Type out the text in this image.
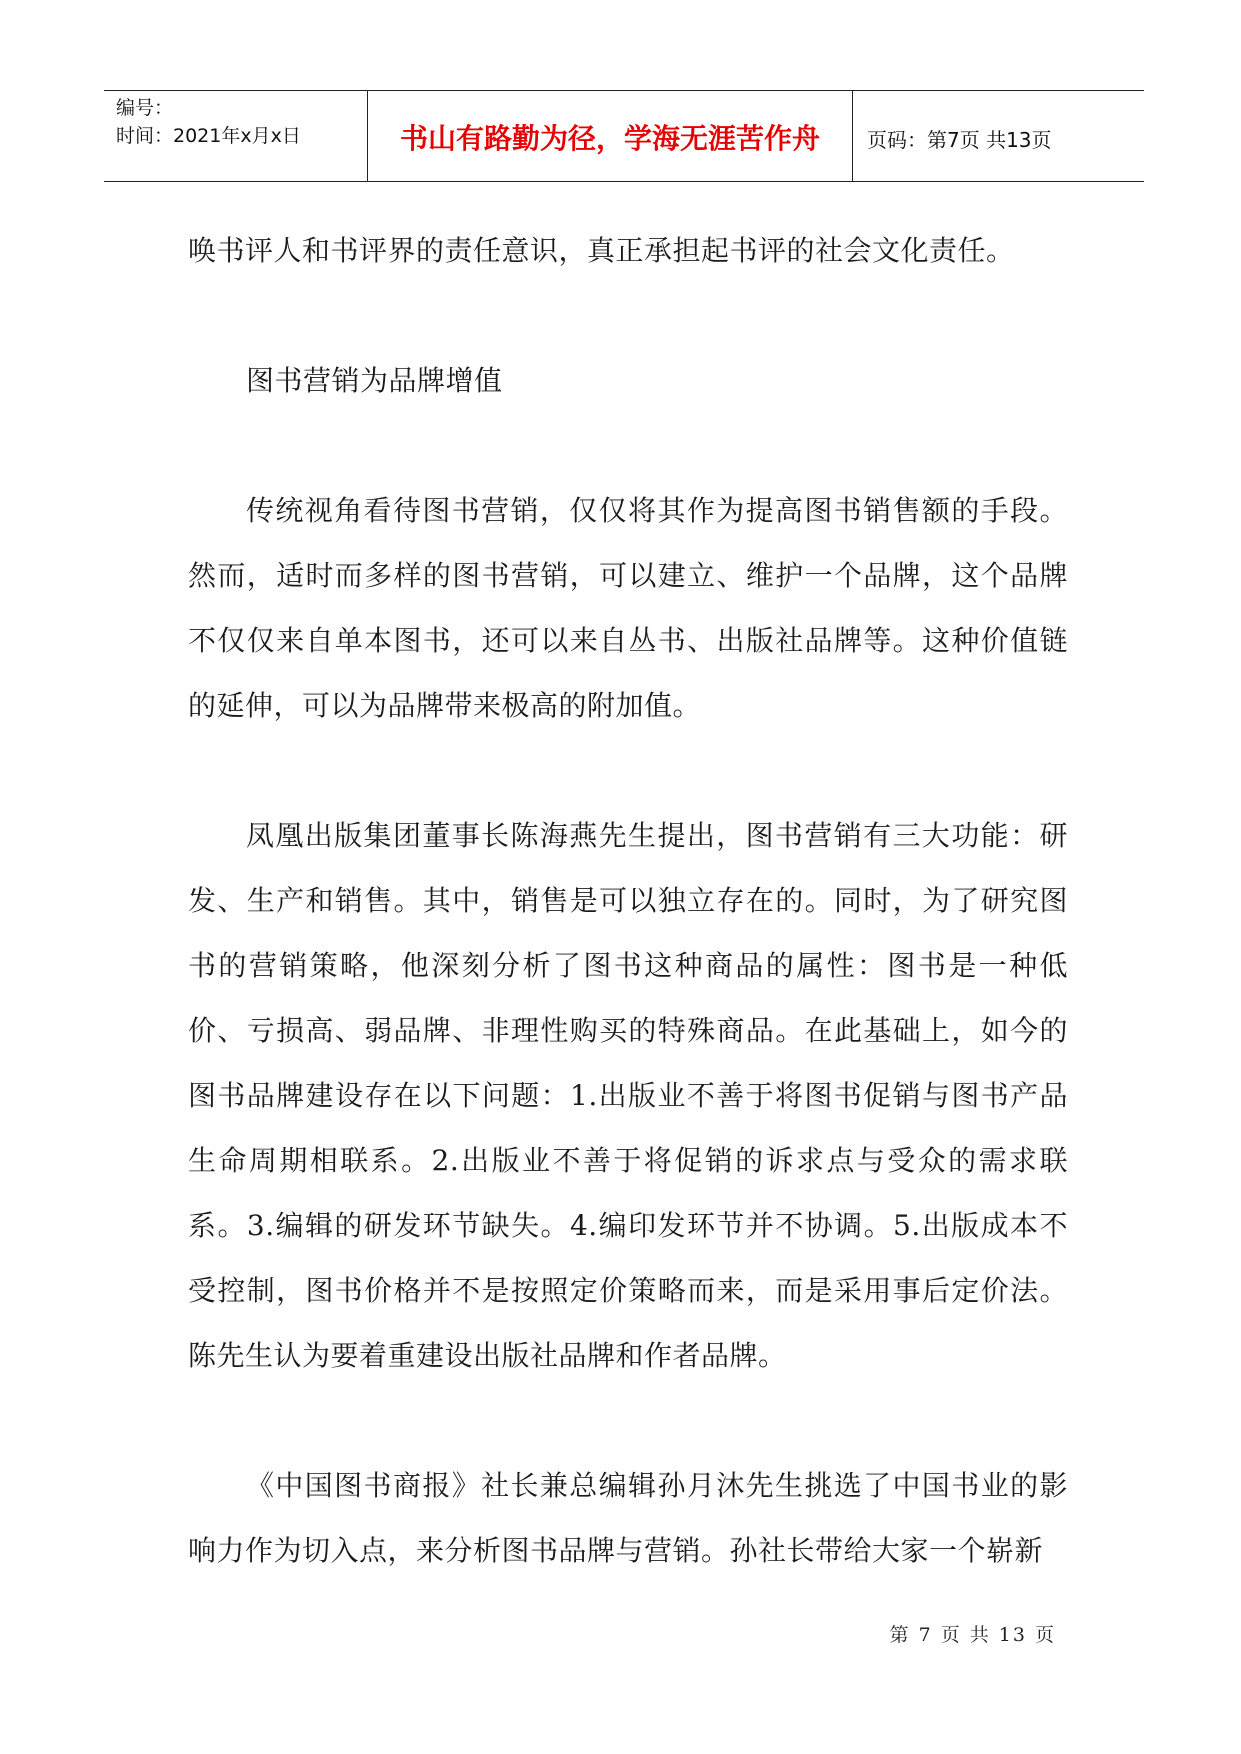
编号：
时间：2021年x月x日	书山有路勤为径，学海无涯苦作舟	页码：第7页 共13页

唤书评人和书评界的责任意识，真正承担起书评的社会文化责任。

图书营销为品牌增值

传统视角看待图书营销，仅仅将其作为提高图书销售额的手段。然而，适时而多样的图书营销，可以建立、维护一个品牌，这个品牌不仅仅来自单本图书，还可以来自丛书、出版社品牌等。这种价值链的延伸，可以为品牌带来极高的附加值。

凤凰出版集团董事长陈海燕先生提出，图书营销有三大功能：研发、生产和销售。其中，销售是可以独立存在的。同时，为了研究图书的营销策略，他深刻分析了图书这种商品的属性：图书是一种低价、亏损高、弱品牌、非理性购买的特殊商品。在此基础上，如今的图书品牌建设存在以下问题：1.出版业不善于将图书促销与图书产品生命周期相联系。2.出版业不善于将促销的诉求点与受众的需求联系。3.编辑的研发环节缺失。4.编印发环节并不协调。5.出版成本不受控制，图书价格并不是按照定价策略而来，而是采用事后定价法。陈先生认为要着重建设出版社品牌和作者品牌。

《中国图书商报》社长兼总编辑孙月沐先生挑选了中国书业的影响力作为切入点，来分析图书品牌与营销。孙社长带给大家一个崭新

第 7 页 共 13 页
